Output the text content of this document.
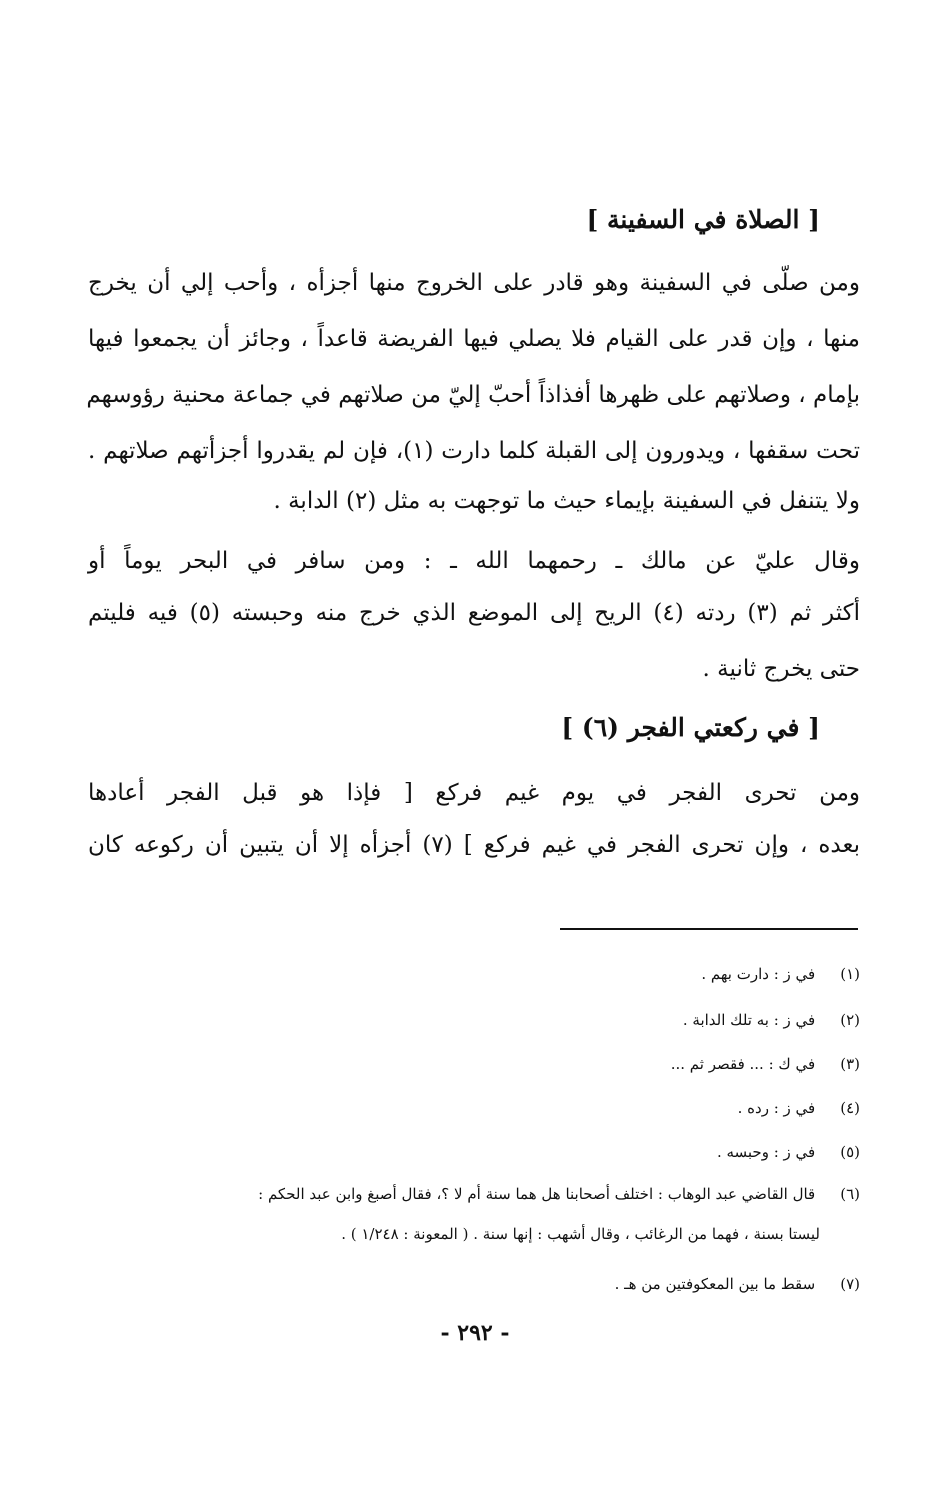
[ الصلاة في السفينة ]
ومن صلّى في السفينة وهو قادر على الخروج منها أجزأه ، وأحب إلي أن يخرج
منها ، وإن قدر على القيام فلا يصلي فيها الفريضة قاعداً ، وجائز أن يجمعوا فيها
بإمام ، وصلاتهم على ظهرها أفذاذاً أحبّ إليّ من صلاتهم في جماعة محنية رؤوسهم
تحت سقفها ، ويدورون إلى القبلة كلما دارت (١)، فإن لم يقدروا أجزأتهم صلاتهم .
ولا يتنفل في السفينة بإيماء حيث ما توجهت به مثل (٢) الدابة .
وقال عليّ عن مالك ـ رحمهما الله ـ : ومن سافر في البحر يوماً أو
أكثر ثم (٣) ردته (٤) الريح إلى الموضع الذي خرج منه وحبسته (٥) فيه فليتم
حتى يخرج ثانية .
[ في ركعتي الفجر (٦) ]
ومن تحرى الفجر في يوم غيم فركع [ فإذا هو قبل الفجر أعادها
بعده ، وإن تحرى الفجر في غيم فركع ] (٧) أجزأه إلا أن يتبين أن ركوعه كان
(١) في ز : دارت بهم .
(٢) في ز : به تلك الدابة .
(٣) في ك : ... فقصر ثم ...
(٤) في ز : رده .
(٥) في ز : وحبسه .
(٦) قال القاضي عبد الوهاب : اختلف أصحابنا هل هما سنة أم لا ؟، فقال أصبغ وابن عبد الحكم :
ليستا بسنة ، فهما من الرغائب ، وقال أشهب : إنها سنة . ( المعونة : ١/٢٤٨ ) .
(٧) سقط ما بين المعكوفتين من هـ .
- ٢٩٢ -
